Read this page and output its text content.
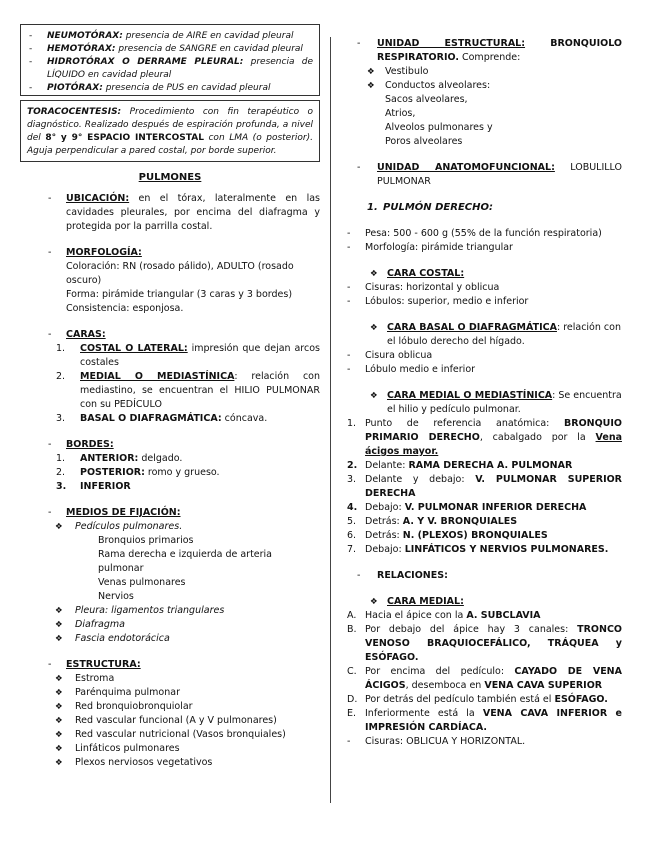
- NEUMOTÓRAX: presencia de AIRE en cavidad pleural
- HEMOTÓRAX: presencia de SANGRE en cavidad pleural
- HIDROTÓRAX O DERRAME PLEURAL: presencia de LÍQUIDO en cavidad pleural
- PIOTÓRAX: presencia de PUS en cavidad pleural
TORACOCENTESIS: Procedimiento con fin terapéutico o diagnóstico. Realizado después de espiración profunda, a nivel del 8° y 9° ESPACIO INTERCOSTAL con LMA (o posterior). Aguja perpendicular a pared costal, por borde superior.
PULMONES
- UBICACIÓN: en el tórax, lateralmente en las cavidades pleurales, por encima del diafragma y protegida por la parrilla costal.
- MORFOLOGÍA:
Coloración: RN (rosado pálido), ADULTO (rosado oscuro)
Forma: pirámide triangular (3 caras y 3 bordes)
Consistencia: esponjosa.
- CARAS:
1. COSTAL O LATERAL: impresión que dejan arcos costales
2. MEDIAL O MEDIASTÍNICA: relación con mediastino, se encuentran el HILIO PULMONAR con su PEDÍCULO
3. BASAL O DIAFRAGMÁTICA: cóncava.
- BORDES:
1. ANTERIOR: delgado.
2. POSTERIOR: romo y grueso.
3. INFERIOR
- MEDIOS DE FIJACIÓN:
❖ Pedículos pulmonares.
Bronquios primarios
Rama derecha e izquierda de arteria pulmonar
Venas pulmonares
Nervios
❖ Pleura: ligamentos triangulares
❖ Diafragma
❖ Fascia endotorácica
- ESTRUCTURA:
❖ Estroma
❖ Parénquima pulmonar
❖ Red bronquiobronquiolar
❖ Red vascular funcional (A y V pulmonares)
❖ Red vascular nutricional (Vasos bronquiales)
❖ Linfáticos pulmonares
❖ Plexos nerviosos vegetativos
- UNIDAD ESTRUCTURAL: BRONQUIOLO RESPIRATORIO. Comprende:
❖ Vestibulo
❖ Conductos alveolares:
Sacos alveolares,
Atrios,
Alveolos pulmonares y
Poros alveolares
- UNIDAD ANATOMOFUNCIONAL: LOBULILLO PULMONAR
1. PULMÓN DERECHO:
- Pesa: 500 - 600 g (55% de la función respiratoria)
- Morfología: pirámide triangular
❖ CARA COSTAL:
- Cisuras: horizontal y oblicua
- Lóbulos: superior, medio e inferior
❖ CARA BASAL O DIAFRAGMÁTICA: relación con el lóbulo derecho del hígado.
- Cisura oblicua
- Lóbulo medio e inferior
❖ CARA MEDIAL O MEDIASTÍNICA: Se encuentra el hilio y pedículo pulmonar.
1. Punto de referencia anatómica: BRONQUIO PRIMARIO DERECHO, cabalgado por la Vena ácigos mayor.
2. Delante: RAMA DERECHA A. PULMONAR
3. Delante y debajo: V. PULMONAR SUPERIOR DERECHA
4. Debajo: V. PULMONAR INFERIOR DERECHA
5. Detrás: A. Y V. BRONQUIALES
6. Detrás: N. (PLEXOS) BRONQUIALES
7. Debajo: LINFÁTICOS Y NERVIOS PULMONARES.
- RELACIONES:
❖ CARA MEDIAL:
A. Hacia el ápice con la A. SUBCLAVIA
B. Por debajo del ápice hay 3 canales: TRONCO VENOSO BRAQUIOCEFÁLICO, TRÁQUEA y ESÓFAGO.
C. Por encima del pedículo: CAYADO DE VENA ÁCIGOS, desemboca en VENA CAVA SUPERIOR
D. Por detrás del pedículo también está el ESÓFAGO.
E. Inferiormente está la VENA CAVA INFERIOR e IMPRESIÓN CARDÍACA.
- Cisuras: OBLICUA Y HORIZONTAL.
